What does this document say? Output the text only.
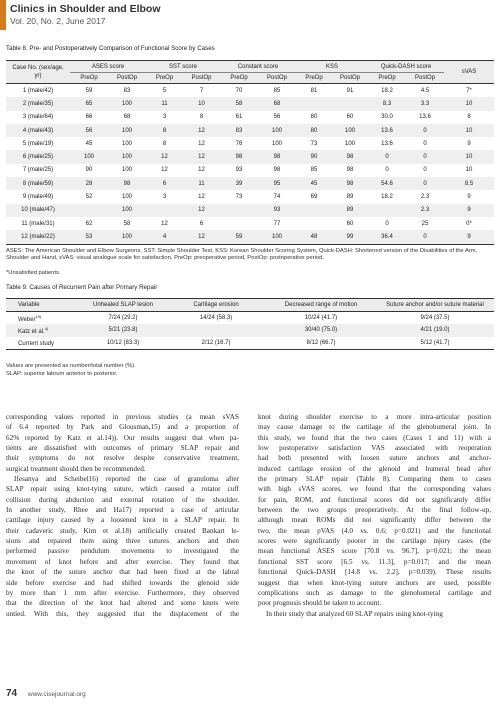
Clinics in Shoulder and Elbow
Vol. 20, No. 2, June 2017
Table 8. Pre- and Postoperatively Comparison of Functional Score by Cases
Case No. (sex/age, yr)	ASES score		SST score		Constant score		KSS		Quick-DASH score		sVAS
	PreOp	PostOp	PreOp	PostOp	PreOp	PostOp	PreOp	PostOp	PreOp	PostOp	
1 (male/42)	59	83	5	7	70	85	81	91	18.2	4.5	7*
2 (male/35)	65	100	11	10	58	68			8.3	3.3	10
3 (male/64)	66	68	3	8	61	56	80	60	30.0	13.6	8
4 (male/43)	56	100	8	12	83	100	80	100	13.6	0	10
5 (male/19)	45	100	8	12	76	100	73	100	13.6	0	9
6 (male/25)	100	100	12	12	98	98	90	98	0	0	10
7 (male/25)	90	100	12	12	93	98	85	98	0	0	10
8 (male/59)	28	98	6	11	39	95	45	98	54.6	0	8.5
9 (male/49)	52	100	3	12	73	74	69	89	18.2	2.3	9
10 (male/47)		100		12		93		89		2.3	9
11 (male/31)	62	58	12	6		77		60	0	25	0*
12 (male/22)	53	100	4	12	59	100	48	99	36.4	0	9
ASES: The American Shoulder and Elbow Surgeons, SST: Simple Shoulder Test, KSS: Korean Shoulder Scoring System, Quick-DASH: Shortened version of the Disabilities of the Arm, Shoulder and Hand, sVAS: visual analogue scale for satisfaction, PreOp: preoperative period, PostOp: postoperative period.
*Unsatisfied patients.
Table 9. Causes of Recurrent Pain after Primary Repair
Variable	Unhealed SLAP lesion	Cartilage erosion	Decreased range of motion	Suture anchor and/or suture material
Weber$^{19)}$	7/24 (29.2)	14/24 (58.3)	10/24 (41.7)	9/24 (37.5)
Katz et al.$^{4)}$	5/21 (23.8)		30/40 (75.0)	4/21 (19.0)
Current study	10/12 (83.3)	2/12 (16.7)	8/12 (66.7)	5/12 (41.7)
Values are presented as number/total number (%).
SLAP: superior labrum anterior to posterior.
corresponding values reported in previous studies (a mean sVAS
of 6.4 reported by Park and Glousman,15) and a proportion of
62% reported by Katz et al.14)). Our results suggest that when pa-
tients are dissatisfied with outcomes of primary SLAP repair and
their symptoms do not resolve despite conservative treatment,
surgical treatment should then be recommended.
Ifesanya and Scheibel16) reported the case of granuloma after
SLAP repair using knot-tying suture, which caused a rotator cuff
collision during abduction and external rotation of the shoulder.
In another study, Rhee and Ha17) reported a case of articular
cartilage injury caused by a loosened knot in a SLAP repair. In
their cadaveric study, Kim et al.18) artificially created Bankart le-
sions and repaired them using three sutures anchors and then
performed passive pendulum movements to investigated the
movement of knot before and after exercise. They found that
the knot of the suture anchor that had been fixed at the labral
side before exercise and had shifted towards the glenoid side
by more than 1 mm after exercise. Furthermore, they observed
that the direction of the knot had altered and some knots were
untied. With this, they suggested that the displacement of the
knot during shoulder exercise to a more intra-articular position
may cause damage to the cartilage of the glenohumeral joint. In
this study, we found that the two cases (Cases 1 and 11) with a
low postoperative satisfaction VAS associated with reoperation
had both presented with loosen suture anchors and anchor-
induced cartilage erosion of the glenoid and humeral head after
the primary SLAP repair (Table 8). Comparing them to cases
with high sVAS scores, we found that the corresponding values
for pain, ROM, and functional scores did not significantly differ
between the two groups preoperatively. At the final follow-up,
although mean ROMs did not significantly differ between the
two, the mean pVAS (4.0 vs. 0.6; p=0.021) and the functional
scores were significantly poorer in the cartilage injury cases (the
mean functional ASES score [70.8 vs. 96.7], p=0.021; the mean
functional SST score [6.5 vs. 11.3], p=0.017; and the mean
functional Quick-DASH [14.8 vs. 2.2], p=0.039). These results
suggest that when knot-tying suture anchors are used, possible
complications such as damage to the glenohumeral cartilage and
poor prognosis should be taken to account.
In their study that analyzed 60 SLAP repairs using knot-tying
74 www.cisejournal.org
